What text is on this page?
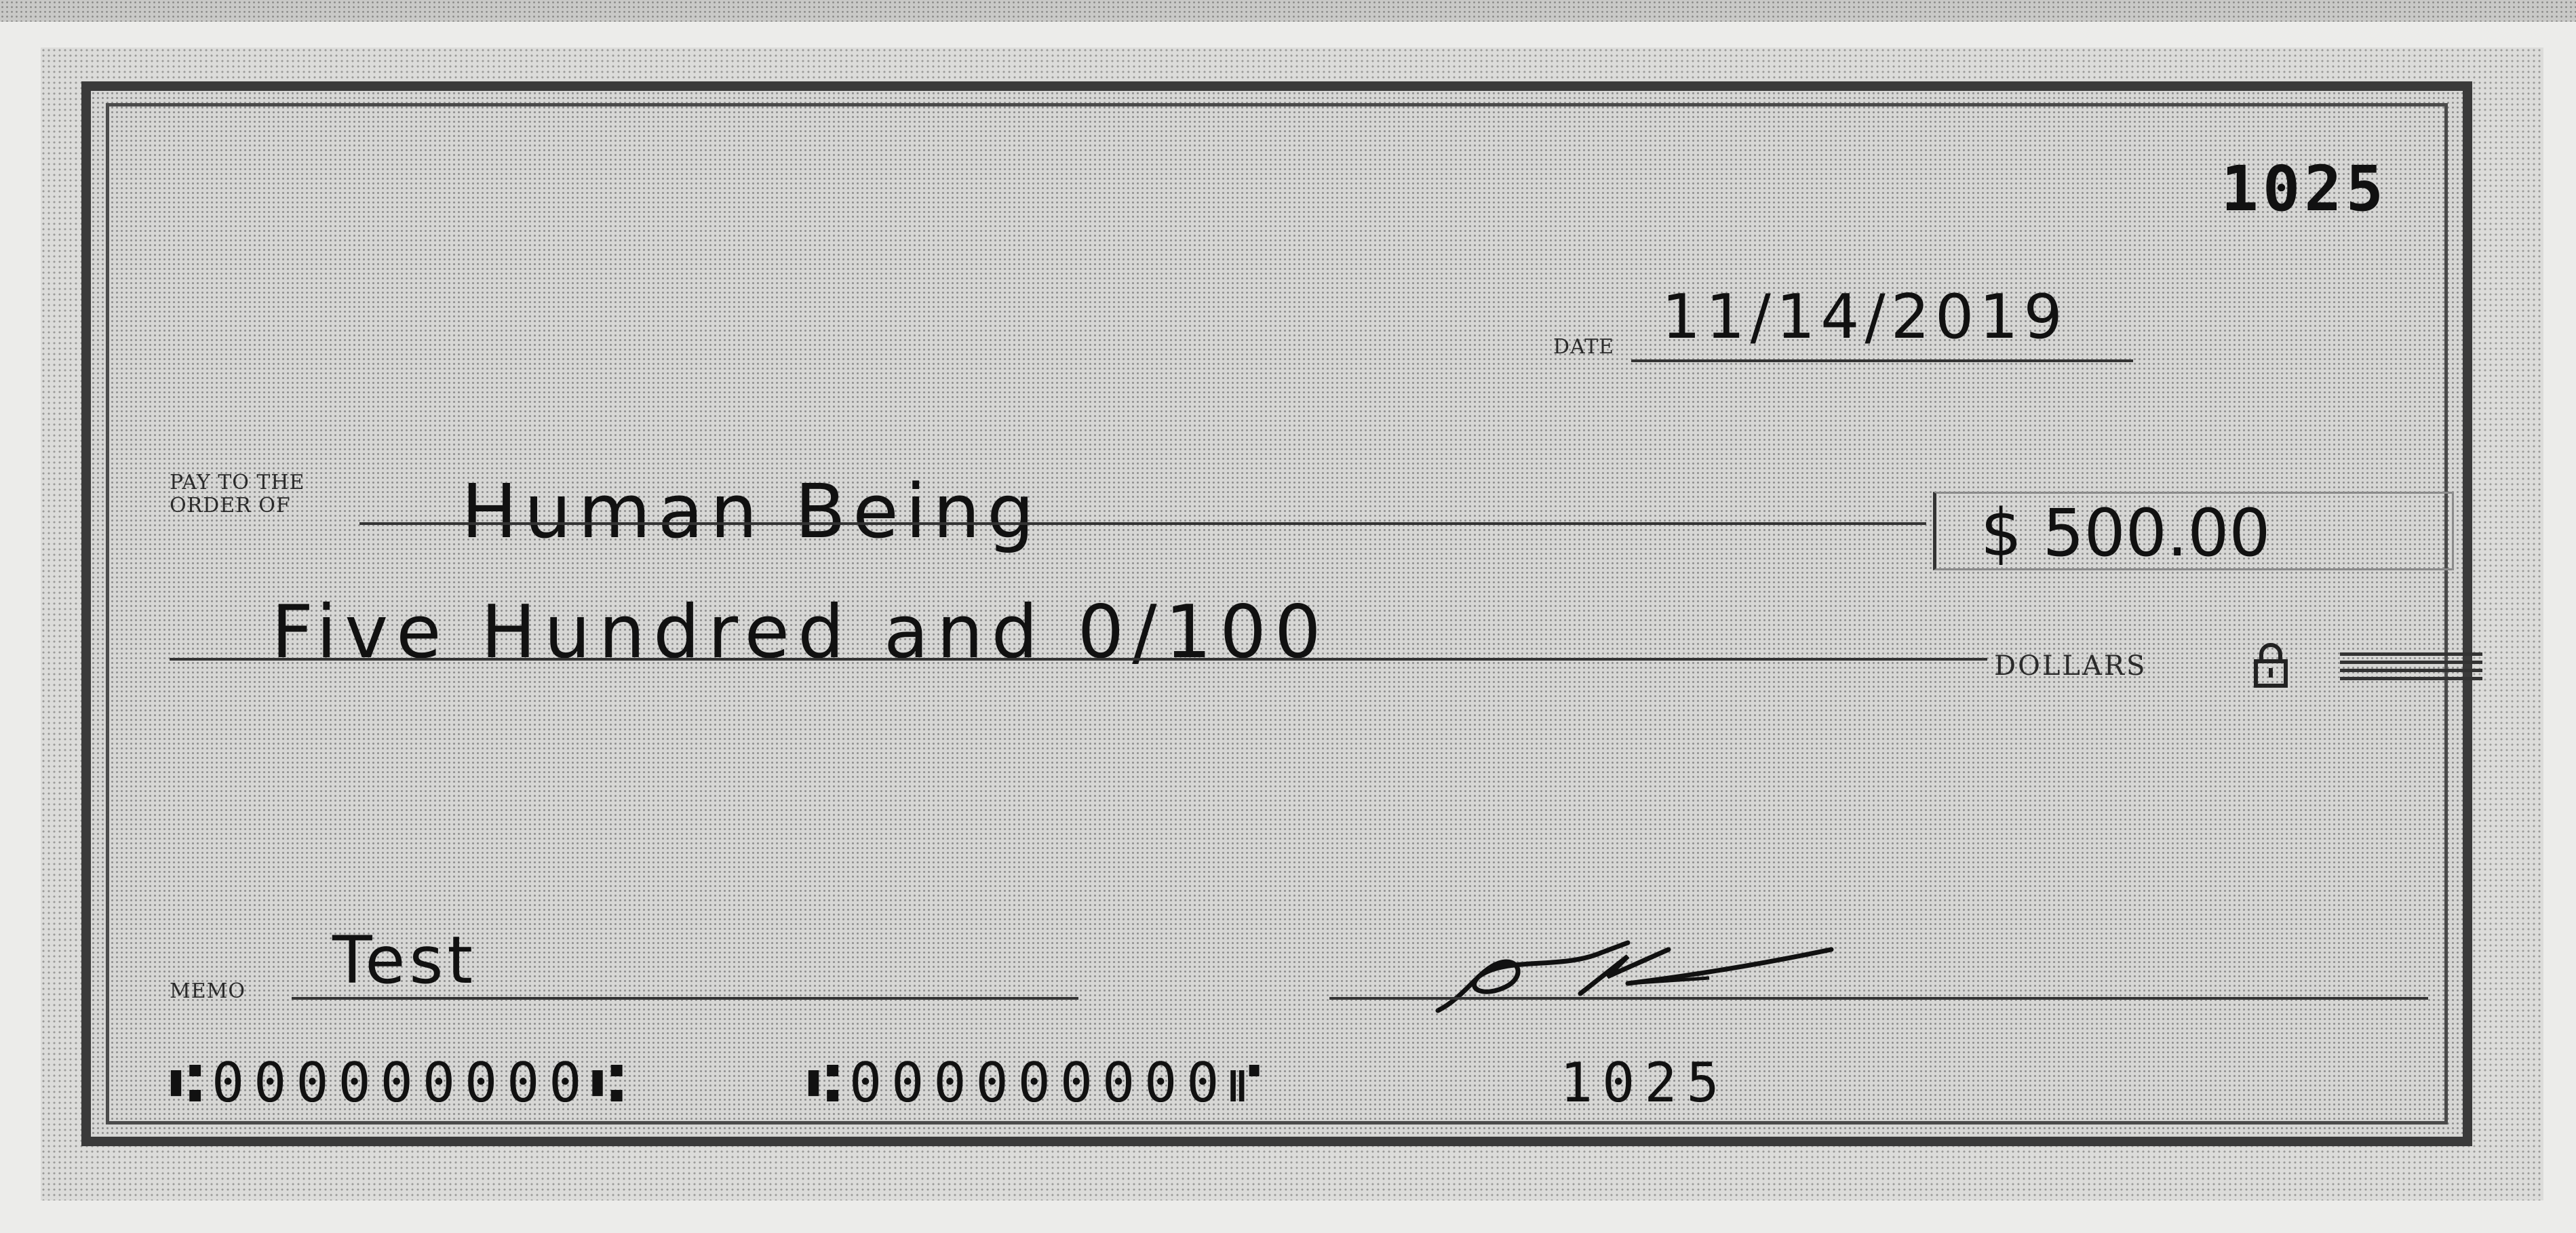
1025
DATE 11/14/2019
PAY TO THE
ORDER OF Human Being	$ 500.00
Five Hundred and 0/100	DOLLARS
MEMO Test
⑆000000000⑆	⑆000000000⑈	1025
